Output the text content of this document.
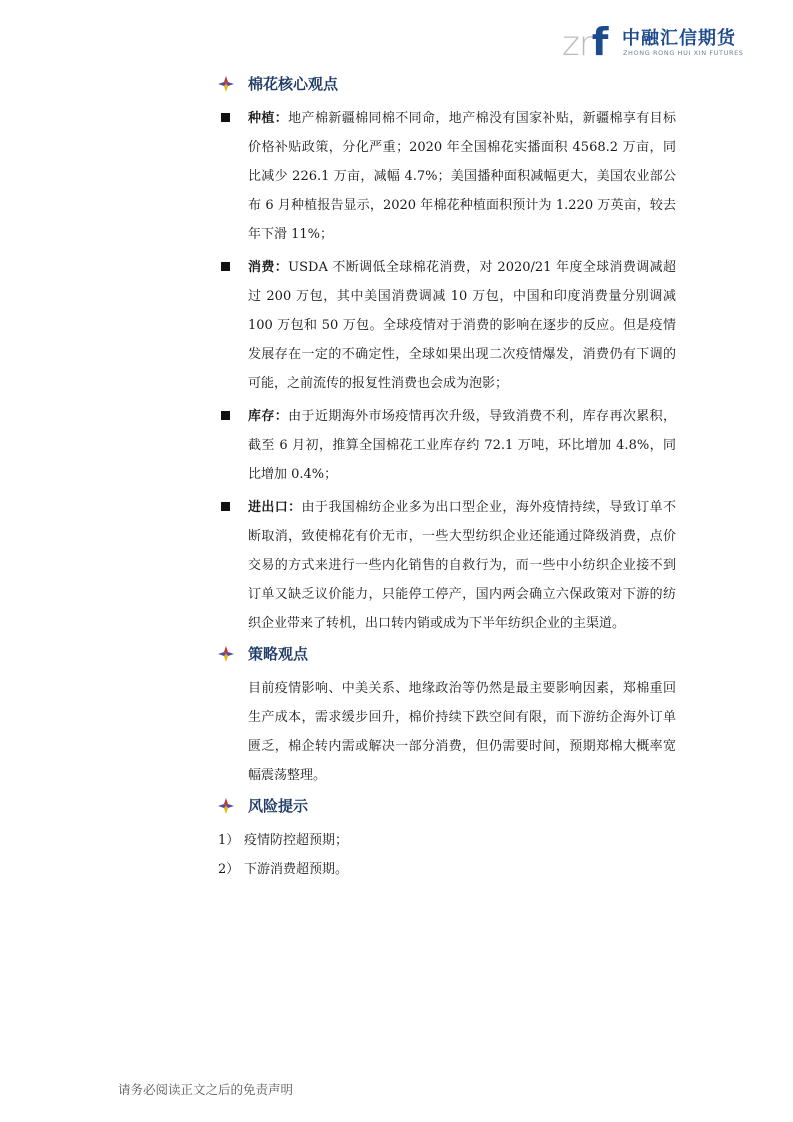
zrf 中融汇信期货
ZHONG RONG HUI XIN FUTURES
棉花核心观点

种植：地产棉新疆棉同棉不同命，地产棉没有国家补贴，新疆棉享有目标价格补贴政策，分化严重；2020 年全国棉花实播面积 4568.2 万亩，同比减少 226.1 万亩，减幅 4.7%；美国播种面积减幅更大，美国农业部公布 6 月种植报告显示，2020 年棉花种植面积预计为 1.220 万英亩，较去年下滑 11%；

消费：USDA 不断调低全球棉花消费，对 2020/21 年度全球消费调减超过 200 万包，其中美国消费调减 10 万包，中国和印度消费量分别调减 100 万包和 50 万包。全球疫情对于消费的影响在逐步的反应。但是疫情发展存在一定的不确定性，全球如果出现二次疫情爆发，消费仍有下调的可能，之前流传的报复性消费也会成为泡影；

库存：由于近期海外市场疫情再次升级，导致消费不利，库存再次累积，截至 6 月初，推算全国棉花工业库存约 72.1 万吨，环比增加 4.8%，同比增加 0.4%；

进出口：由于我国棉纺企业多为出口型企业，海外疫情持续，导致订单不断取消，致使棉花有价无市，一些大型纺织企业还能通过降级消费，点价交易的方式来进行一些内化销售的自救行为，而一些中小纺织企业接不到订单又缺乏议价能力，只能停工停产，国内两会确立六保政策对下游的纺织企业带来了转机，出口转内销或成为下半年纺织企业的主渠道。

策略观点

目前疫情影响、中美关系、地缘政治等仍然是最主要影响因素，郑棉重回生产成本，需求缓步回升，棉价持续下跌空间有限，而下游纺企海外订单匮乏，棉企转内需或解决一部分消费，但仍需要时间，预期郑棉大概率宽幅震荡整理。

风险提示

1） 疫情防控超预期；

2） 下游消费超预期。

请务必阅读正文之后的免责声明
